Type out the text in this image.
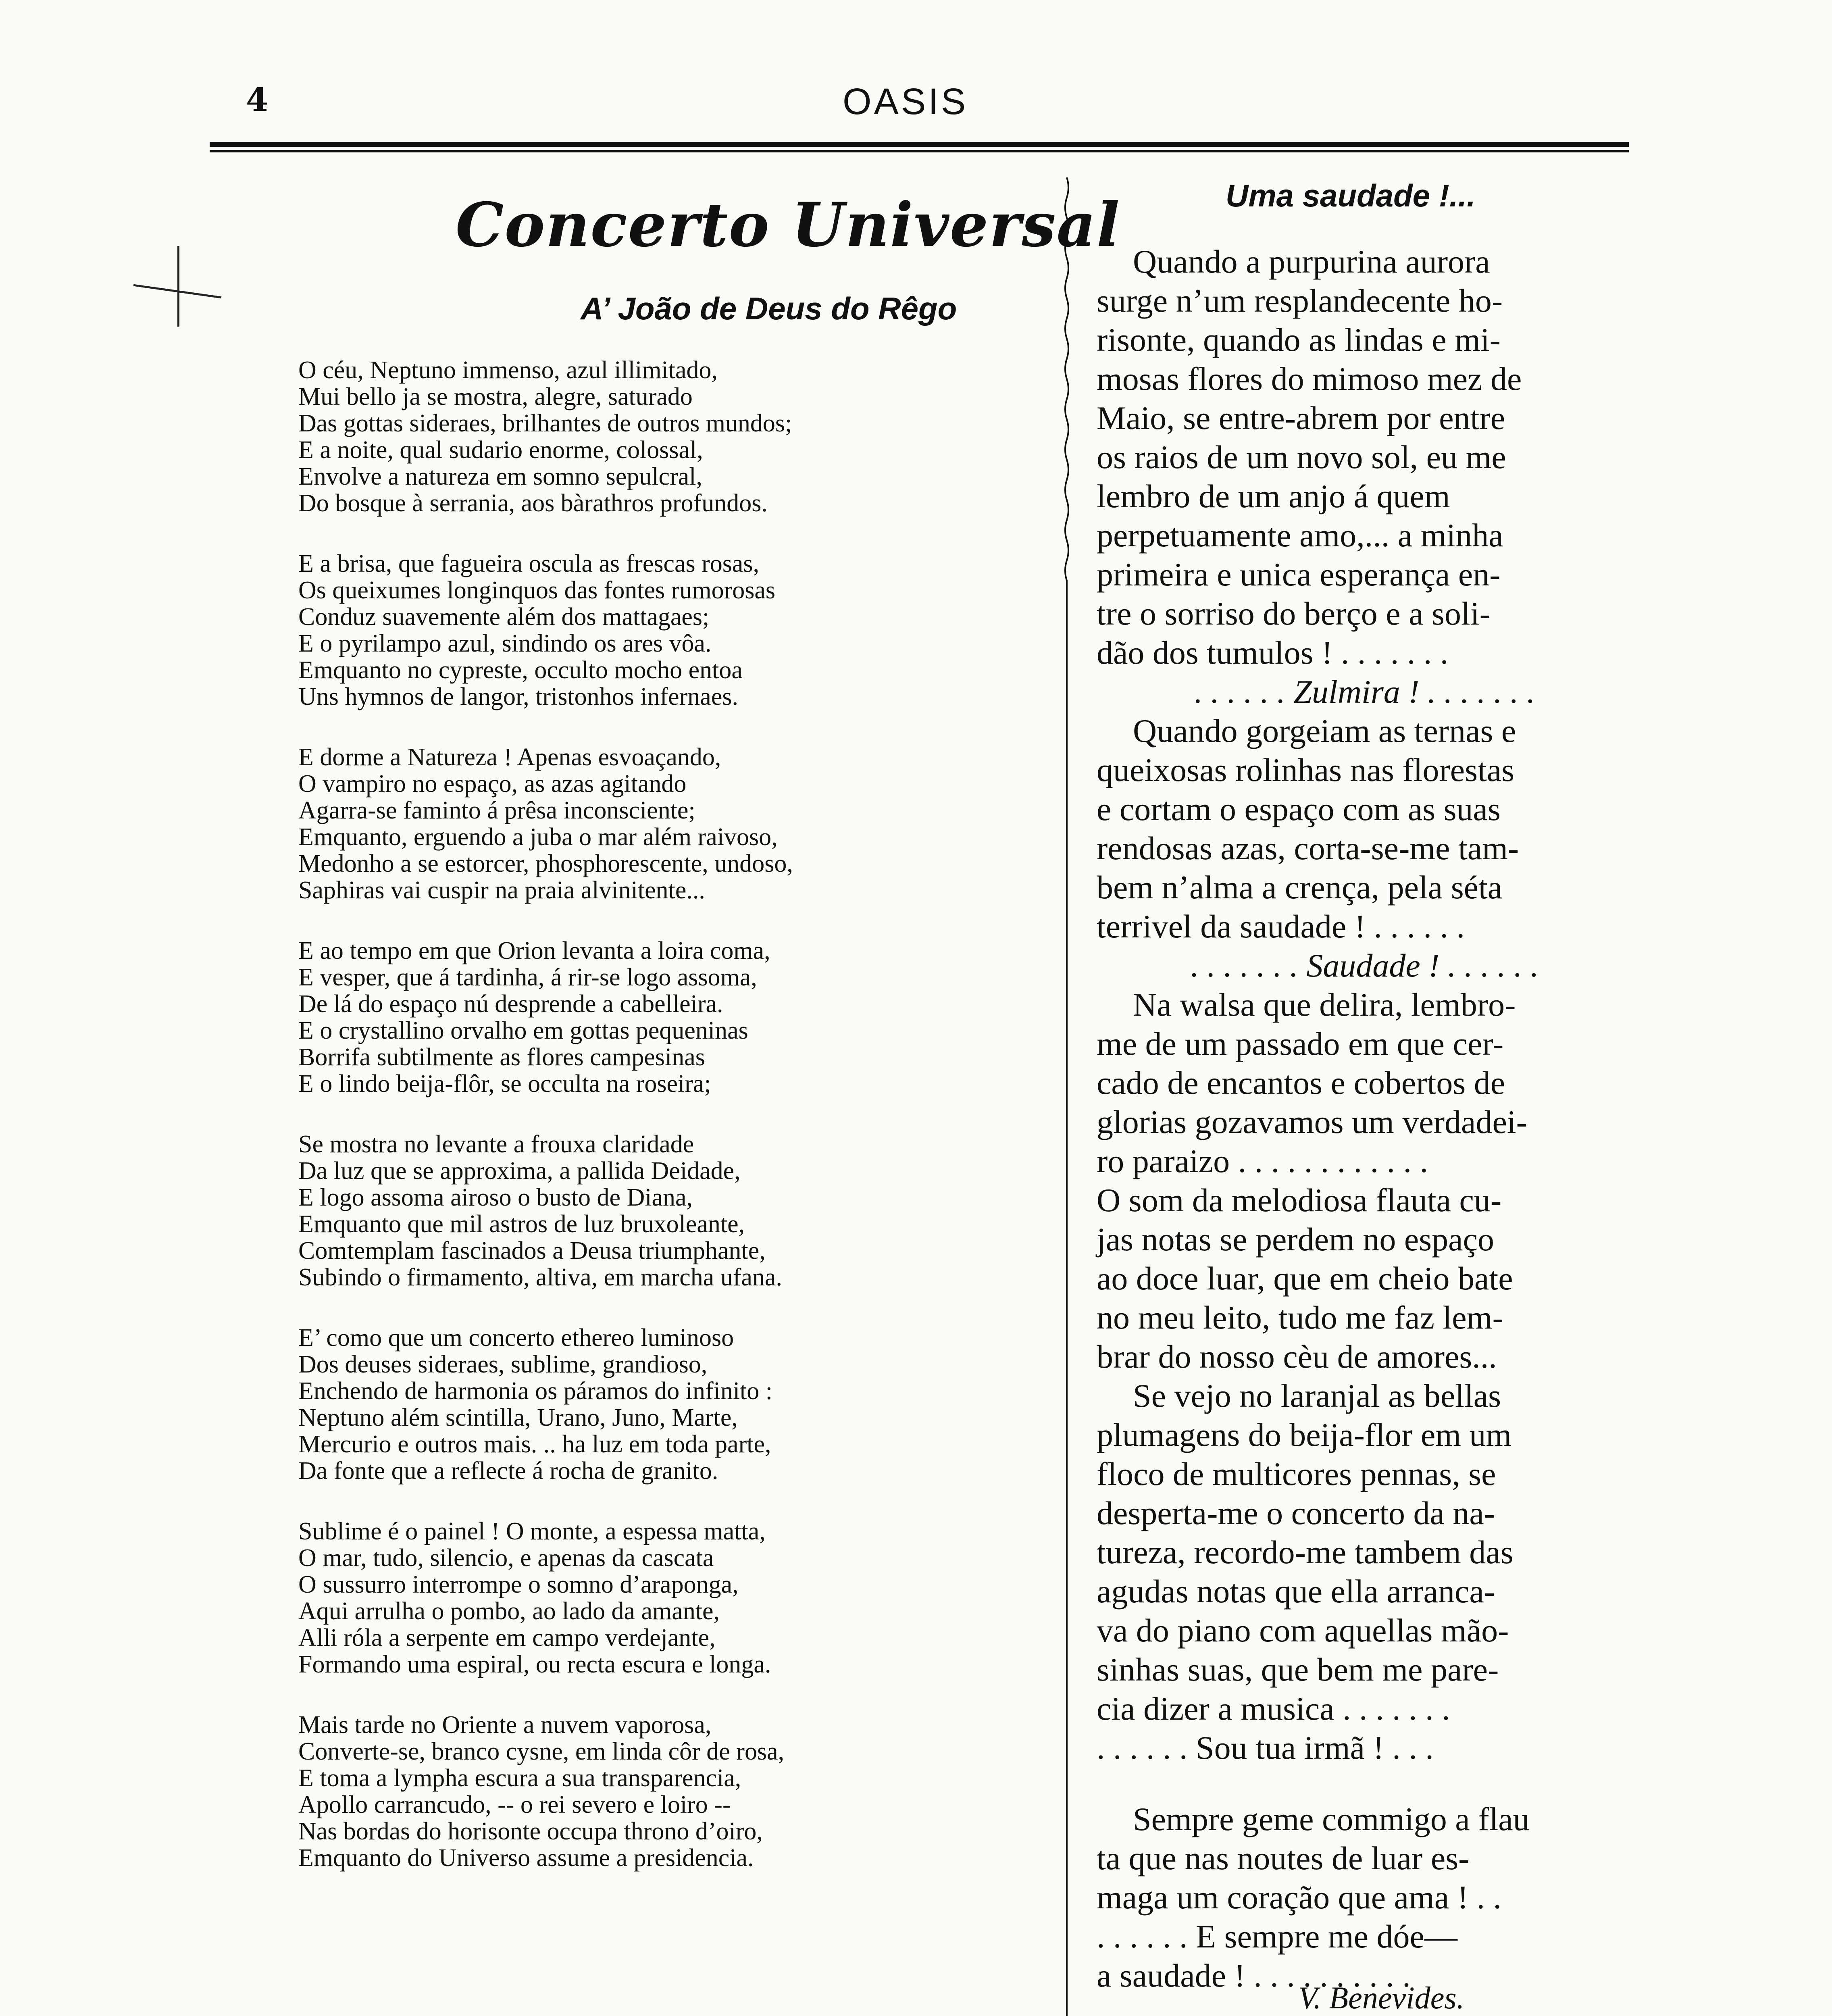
4	OASIS
Concerto Universal
A’ João de Deus do Rêgo
O céu, Neptuno immenso, azul illimitado,
Mui bello ja se mostra, alegre, saturado
Das gottas sideraes, brilhantes de outros mundos;
E a noite, qual sudario enorme, colossal,
Envolve a natureza em somno sepulcral,
Do bosque à serrania, aos bàrathros profundos.
E a brisa, que fagueira oscula as frescas rosas,
Os queixumes longinquos das fontes rumorosas
Conduz suavemente além dos mattagaes;
E o pyrilampo azul, sindindo os ares vôa.
Emquanto no cypreste, occulto mocho entoa
Uns hymnos de langor, tristonhos infernaes.
E dorme a Natureza ! Apenas esvoaçando,
O vampiro no espaço, as azas agitando
Agarra-se faminto á prêsa inconsciente;
Emquanto, erguendo a juba o mar além raivoso,
Medonho a se estorcer, phosphorescente, undoso,
Saphiras vai cuspir na praia alvinitente...
E ao tempo em que Orion levanta a loira coma,
E vesper, que á tardinha, á rir-se logo assoma,
De lá do espaço nú desprende a cabelleira.
E o crystallino orvalho em gottas pequeninas
Borrifa subtilmente as flores campesinas
E o lindo beija-flôr, se occulta na roseira;
Se mostra no levante a frouxa claridade
Da luz que se approxima, a pallida Deidade,
E logo assoma airoso o busto de Diana,
Emquanto que mil astros de luz bruxoleante,
Comtemplam fascinados a Deusa triumphante,
Subindo o firmamento, altiva, em marcha ufana.
E’ como que um concerto ethereo luminoso
Dos deuses sideraes, sublime, grandioso,
Enchendo de harmonia os páramos do infinito :
Neptuno além scintilla, Urano, Juno, Marte,
Mercurio e outros mais. .. ha luz em toda parte,
Da fonte que a reflecte á rocha de granito.
Sublime é o painel ! O monte, a espessa matta,
O mar, tudo, silencio, e apenas da cascata
O sussurro interrompe o somno d’araponga,
Aqui arrulha o pombo, ao lado da amante,
Alli róla a serpente em campo verdejante,
Formando uma espiral, ou recta escura e longa.
Mais tarde no Oriente a nuvem vaporosa,
Converte-se, branco cysne, em linda côr de rosa,
E toma a lympha escura a sua transparencia,
Apollo carrancudo, -- o rei severo e loiro --
Nas bordas do horisonte occupa throno d’oiro,
Emquanto do Universo assume a presidencia.
Uma saudade !...
Quando a purpurina aurora
surge n’um resplandecente ho-
risonte, quando as lindas e mi-
mosas flores do mimoso mez de
Maio, se entre-abrem por entre
os raios de um novo sol, eu me
lembro de um anjo á quem
perpetuamente amo,... a minha
primeira e unica esperança en-
tre o sorriso do berço e a soli-
dão dos tumulos ! . . . . . . .
. . . . . . Zulmira ! . . . . . . .
Quando gorgeiam as ternas e
queixosas rolinhas nas florestas
e cortam o espaço com as suas
rendosas azas, corta-se-me tam-
bem n’alma a crença, pela séta
terrivel da saudade ! . . . . . .
. . . . . . . Saudade ! . . . . . .
Na walsa que delira, lembro-
me de um passado em que cer-
cado de encantos e cobertos de
glorias gozavamos um verdadei-
ro paraizo . . . . . . . . . . . .
O som da melodiosa flauta cu-
jas notas se perdem no espaço
ao doce luar, que em cheio bate
no meu leito, tudo me faz lem-
brar do nosso cèu de amores...
Se vejo no laranjal as bellas
plumagens do beija-flor em um
floco de multicores pennas, se
desperta-me o concerto da na-
tureza, recordo-me tambem das
agudas notas que ella arranca-
va do piano com aquellas mão-
sinhas suas, que bem me pare-
cia dizer a musica . . . . . . .
. . . . . . Sou tua irmã ! . . .
Sempre geme commigo a flau
ta que nas noutes de luar es-
maga um coração que ama ! . .
. . . . . . E sempre me dóe—
a saudade ! . . . . . . . . . .
V. Benevides.
